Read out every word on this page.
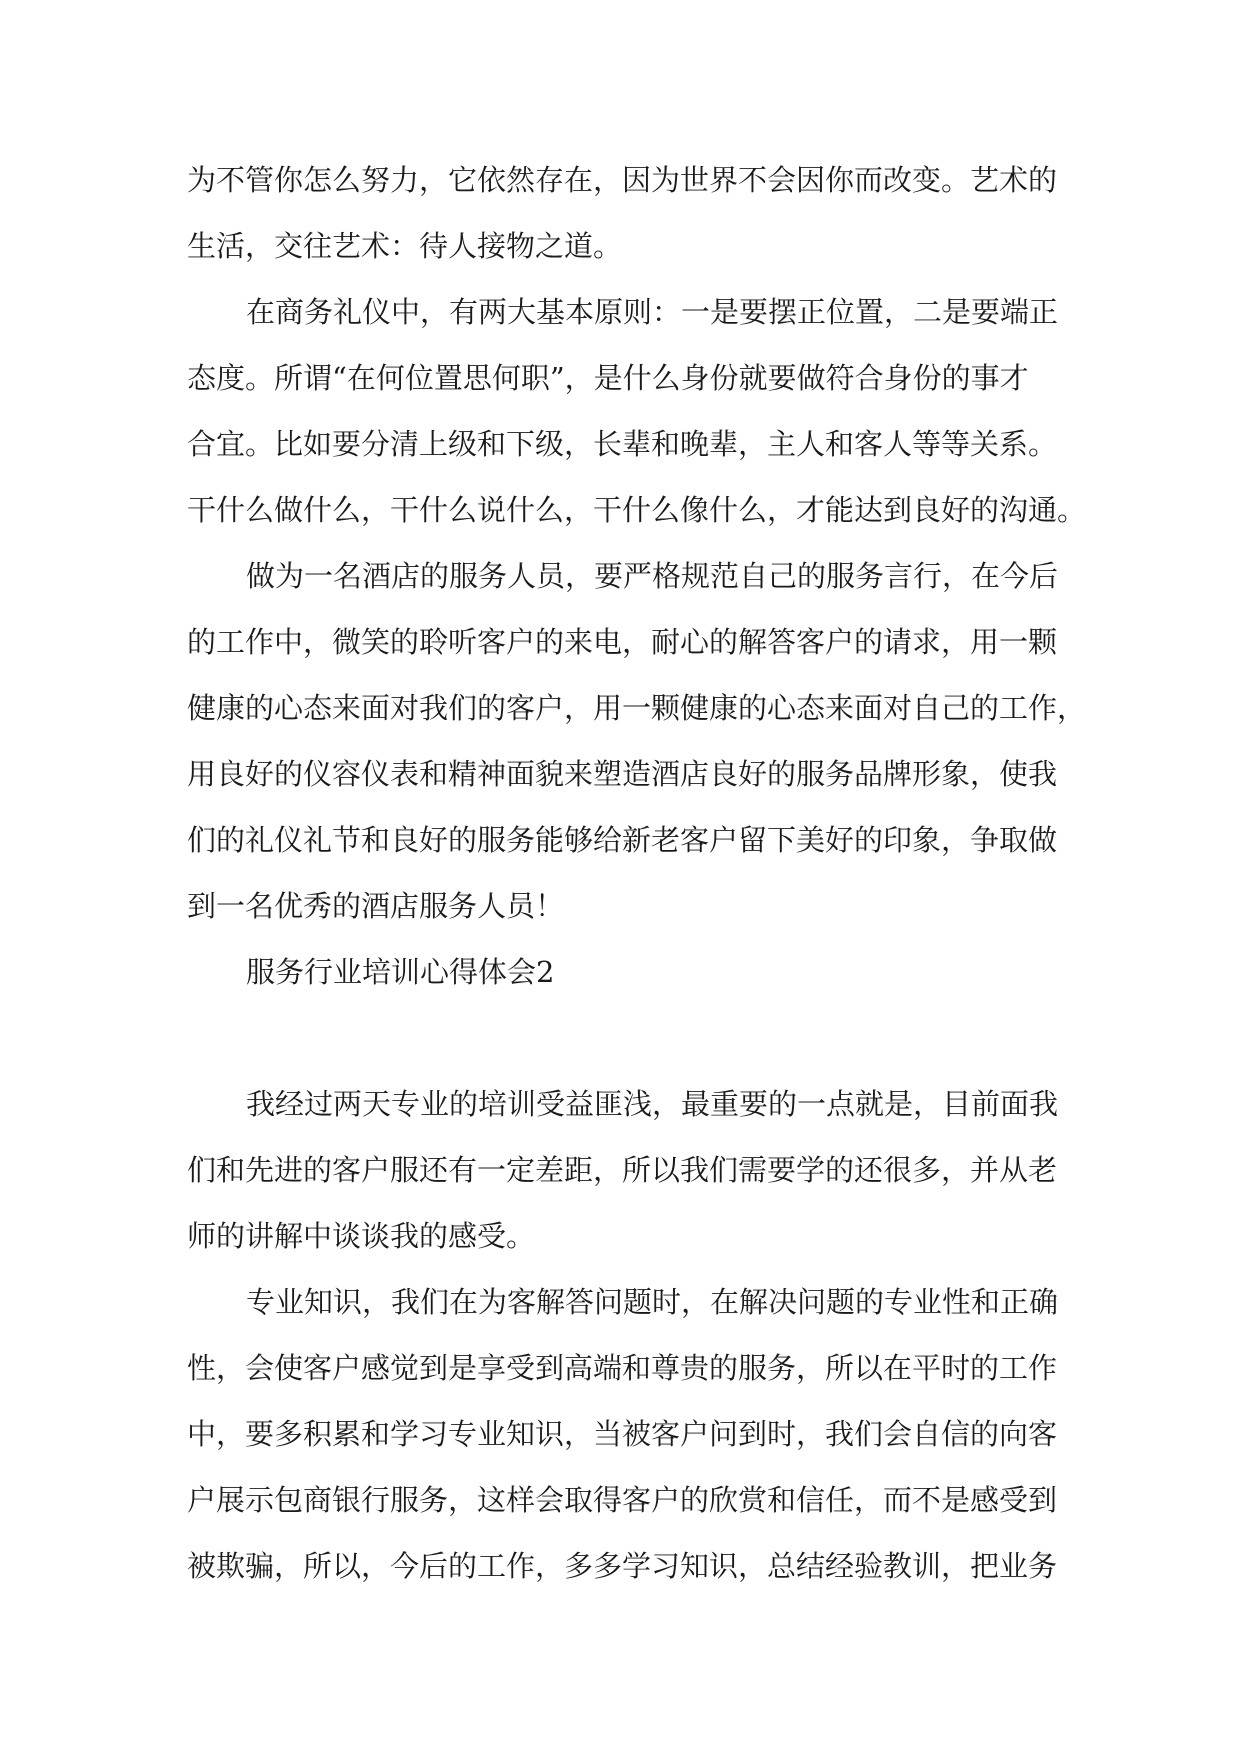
为不管你怎么努力，它依然存在，因为世界不会因你而改变。艺术的

生活，交往艺术：待人接物之道。

在商务礼仪中，有两大基本原则：一是要摆正位置，二是要端正

态度。所谓“在何位置思何职”，是什么身份就要做符合身份的事才

合宜。比如要分清上级和下级，长辈和晚辈，主人和客人等等关系。

干什么做什么，干什么说什么，干什么像什么，才能达到良好的沟通。

做为一名酒店的服务人员，要严格规范自己的服务言行，在今后

的工作中，微笑的聆听客户的来电，耐心的解答客户的请求，用一颗

健康的心态来面对我们的客户，用一颗健康的心态来面对自己的工作，

用良好的仪容仪表和精神面貌来塑造酒店良好的服务品牌形象，使我

们的礼仪礼节和良好的服务能够给新老客户留下美好的印象，争取做

到一名优秀的酒店服务人员！

服务行业培训心得体会2

我经过两天专业的培训受益匪浅，最重要的一点就是，目前面我

们和先进的客户服还有一定差距，所以我们需要学的还很多，并从老

师的讲解中谈谈我的感受。

专业知识，我们在为客解答问题时，在解决问题的专业性和正确

性，会使客户感觉到是享受到高端和尊贵的服务，所以在平时的工作

中，要多积累和学习专业知识，当被客户问到时，我们会自信的向客

户展示包商银行服务，这样会取得客户的欣赏和信任，而不是感受到

被欺骗，所以，今后的工作，多多学习知识，总结经验教训，把业务
